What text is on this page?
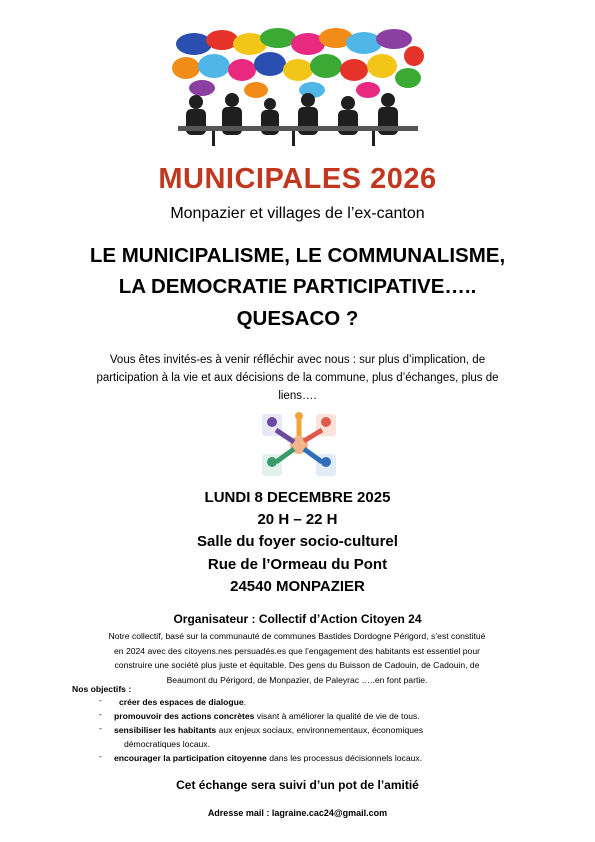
MUNICIPALES 2026
Monpazier et villages de l’ex-canton
LE MUNICIPALISME, LE COMMUNALISME,
LA DEMOCRATIE PARTICIPATIVE…..
QUESACO ?
Vous êtes invités-es à venir réfléchir avec nous : sur plus d’implication, de
participation à la vie et aux décisions de la commune, plus d’échanges, plus de
liens….
LUNDI 8 DECEMBRE 2025
20 H – 22 H
Salle du foyer socio-culturel
Rue de l’Ormeau du Pont
24540 MONPAZIER
Organisateur : Collectif d’Action Citoyen 24
Notre collectif, basé sur la communauté de communes Bastides Dordogne Périgord, s’est constitué
en 2024 avec des citoyens.nes persuadés.es que l’engagement des habitants est essentiel pour
construire une société plus juste et équitable. Des gens du Buisson de Cadouin, de Cadouin, de
Beaumont du Périgord, de Monpazier, de Paleyrac …..en font partie.
Nos objectifs :
- créer des espaces de dialogue.
- promouvoir des actions concrètes visant à améliorer la qualité de vie de tous.
- sensibiliser les habitants aux enjeux sociaux, environnementaux, économiques
démocratiques locaux.
- encourager la participation citoyenne dans les processus décisionnels locaux.
Cet échange sera suivi d’un pot de l’amitié
Adresse mail : lagraine.cac24@gmail.com
